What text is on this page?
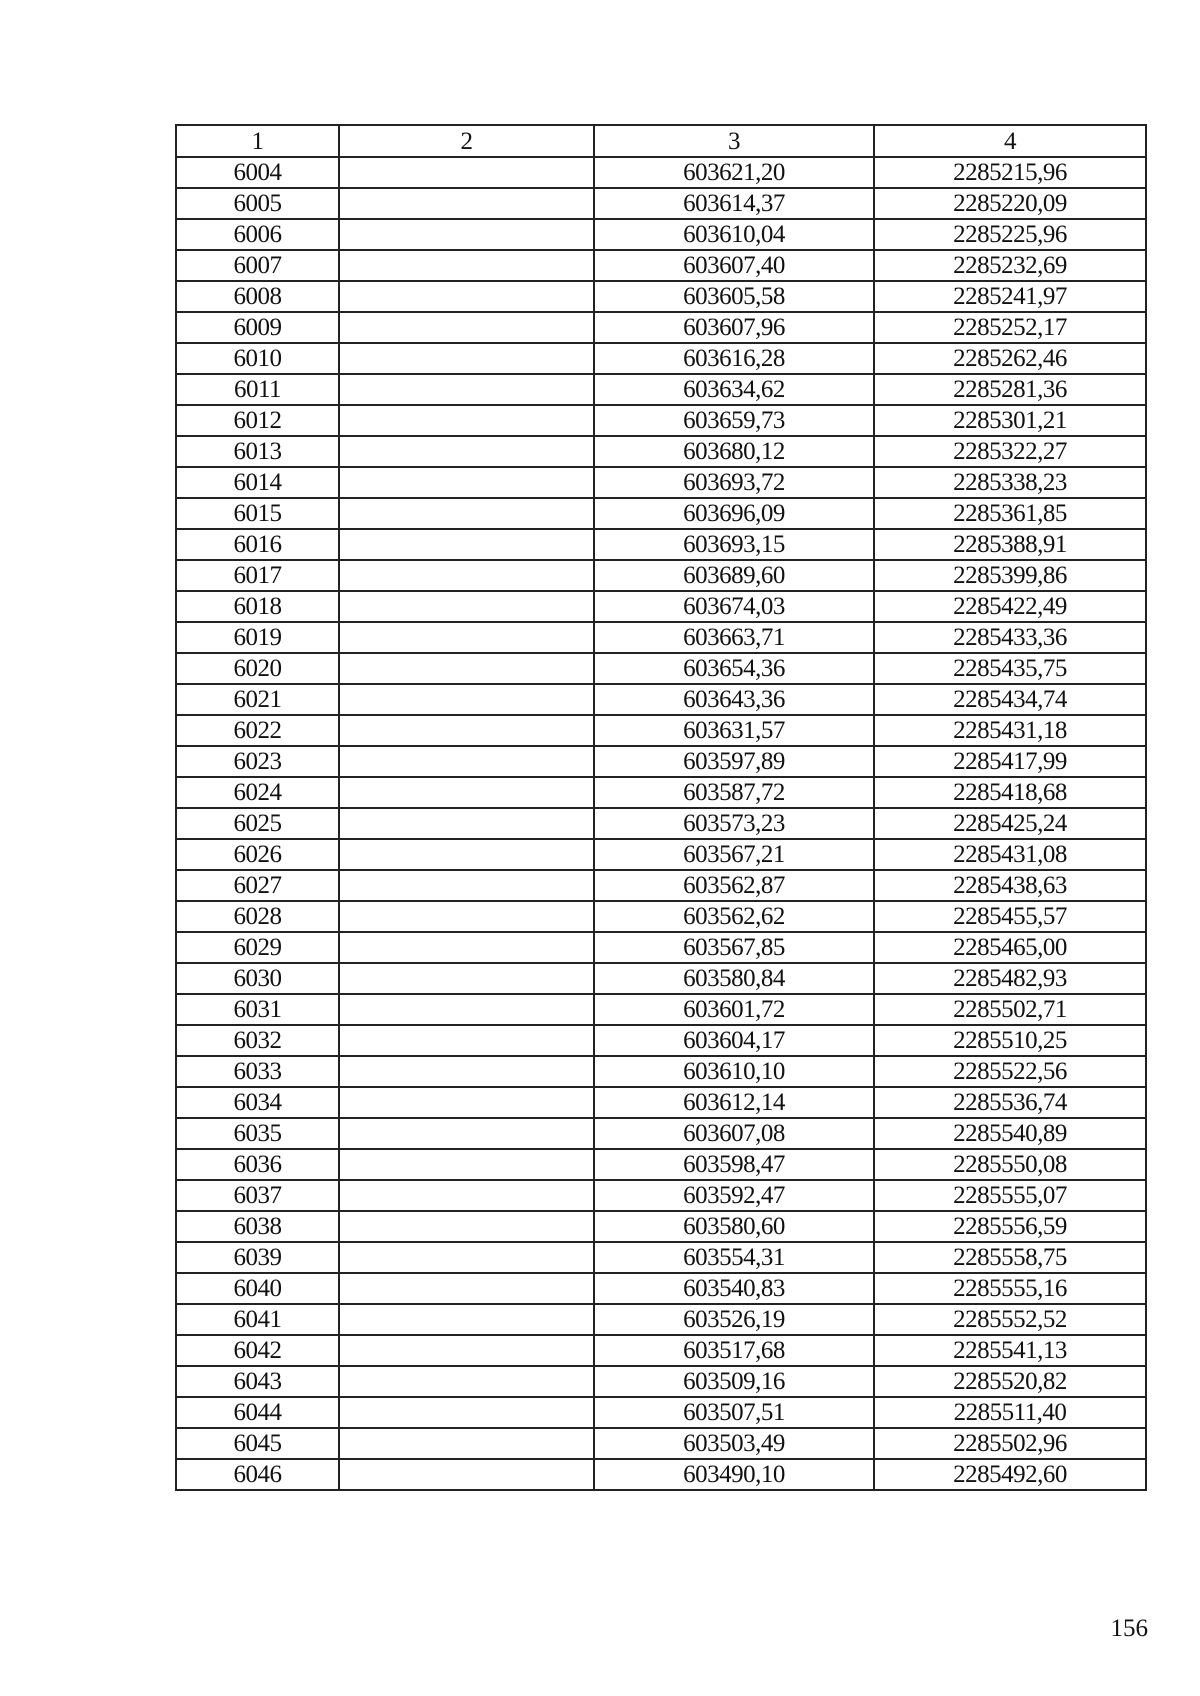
1	2	3	4
6004		603621,20	2285215,96
6005		603614,37	2285220,09
6006		603610,04	2285225,96
6007		603607,40	2285232,69
6008		603605,58	2285241,97
6009		603607,96	2285252,17
6010		603616,28	2285262,46
6011		603634,62	2285281,36
6012		603659,73	2285301,21
6013		603680,12	2285322,27
6014		603693,72	2285338,23
6015		603696,09	2285361,85
6016		603693,15	2285388,91
6017		603689,60	2285399,86
6018		603674,03	2285422,49
6019		603663,71	2285433,36
6020		603654,36	2285435,75
6021		603643,36	2285434,74
6022		603631,57	2285431,18
6023		603597,89	2285417,99
6024		603587,72	2285418,68
6025		603573,23	2285425,24
6026		603567,21	2285431,08
6027		603562,87	2285438,63
6028		603562,62	2285455,57
6029		603567,85	2285465,00
6030		603580,84	2285482,93
6031		603601,72	2285502,71
6032		603604,17	2285510,25
6033		603610,10	2285522,56
6034		603612,14	2285536,74
6035		603607,08	2285540,89
6036		603598,47	2285550,08
6037		603592,47	2285555,07
6038		603580,60	2285556,59
6039		603554,31	2285558,75
6040		603540,83	2285555,16
6041		603526,19	2285552,52
6042		603517,68	2285541,13
6043		603509,16	2285520,82
6044		603507,51	2285511,40
6045		603503,49	2285502,96
6046		603490,10	2285492,60
156
